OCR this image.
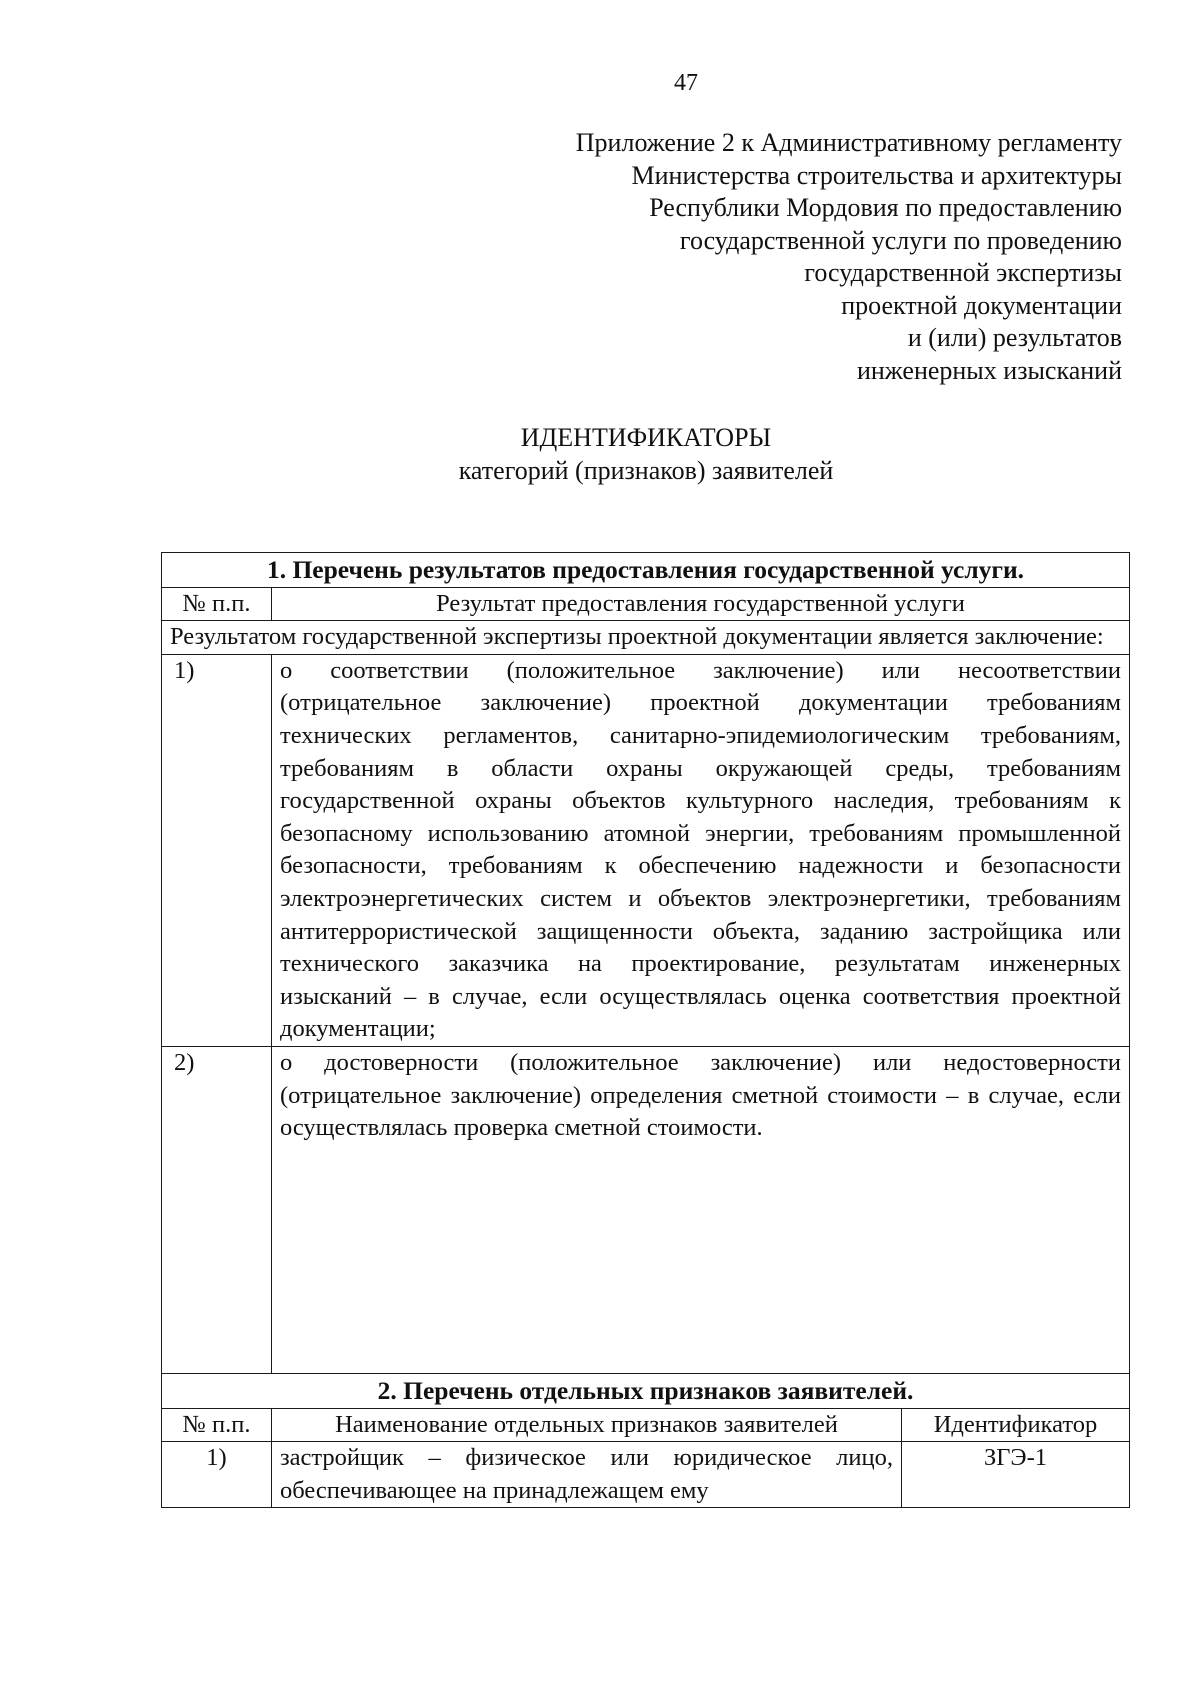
47
Приложение 2 к Административному регламенту
Министерства строительства и архитектуры
Республики Мордовия по предоставлению
государственной услуги по проведению
государственной экспертизы
проектной документации
и (или) результатов
инженерных изысканий
ИДЕНТИФИКАТОРЫ
категорий (признаков) заявителей
1. Перечень результатов предоставления государственной услуги.		
№ п.п.	Результат предоставления государственной услуги	
Результатом государственной экспертизы проектной документации является заключение:		
1)	о соответствии (положительное заключение) или несоответствии (отрицательное заключение) проектной документации требованиям технических регламентов, санитарно-эпидемиологическим требованиям, требованиям в области охраны окружающей среды, требованиям государственной охраны объектов культурного наследия, требованиям к безопасному использованию атомной энергии, требованиям промышленной безопасности, требованиям к обеспечению надежности и безопасности электроэнергетических систем и объектов электроэнергетики, требованиям антитеррористической защищенности объекта, заданию застройщика или технического заказчика на проектирование, результатам инженерных изысканий – в случае, если осуществлялась оценка соответствия проектной документации;	
2)	о достоверности (положительное заключение) или недостоверности (отрицательное заключение) определения сметной стоимости – в случае, если осуществлялась проверка сметной стоимости.	
2. Перечень отдельных признаков заявителей.		
№ п.п.	Наименование отдельных признаков заявителей	Идентификатор
1)	застройщик – физическое или юридическое лицо, обеспечивающее на принадлежащем ему	ЗГЭ-1
